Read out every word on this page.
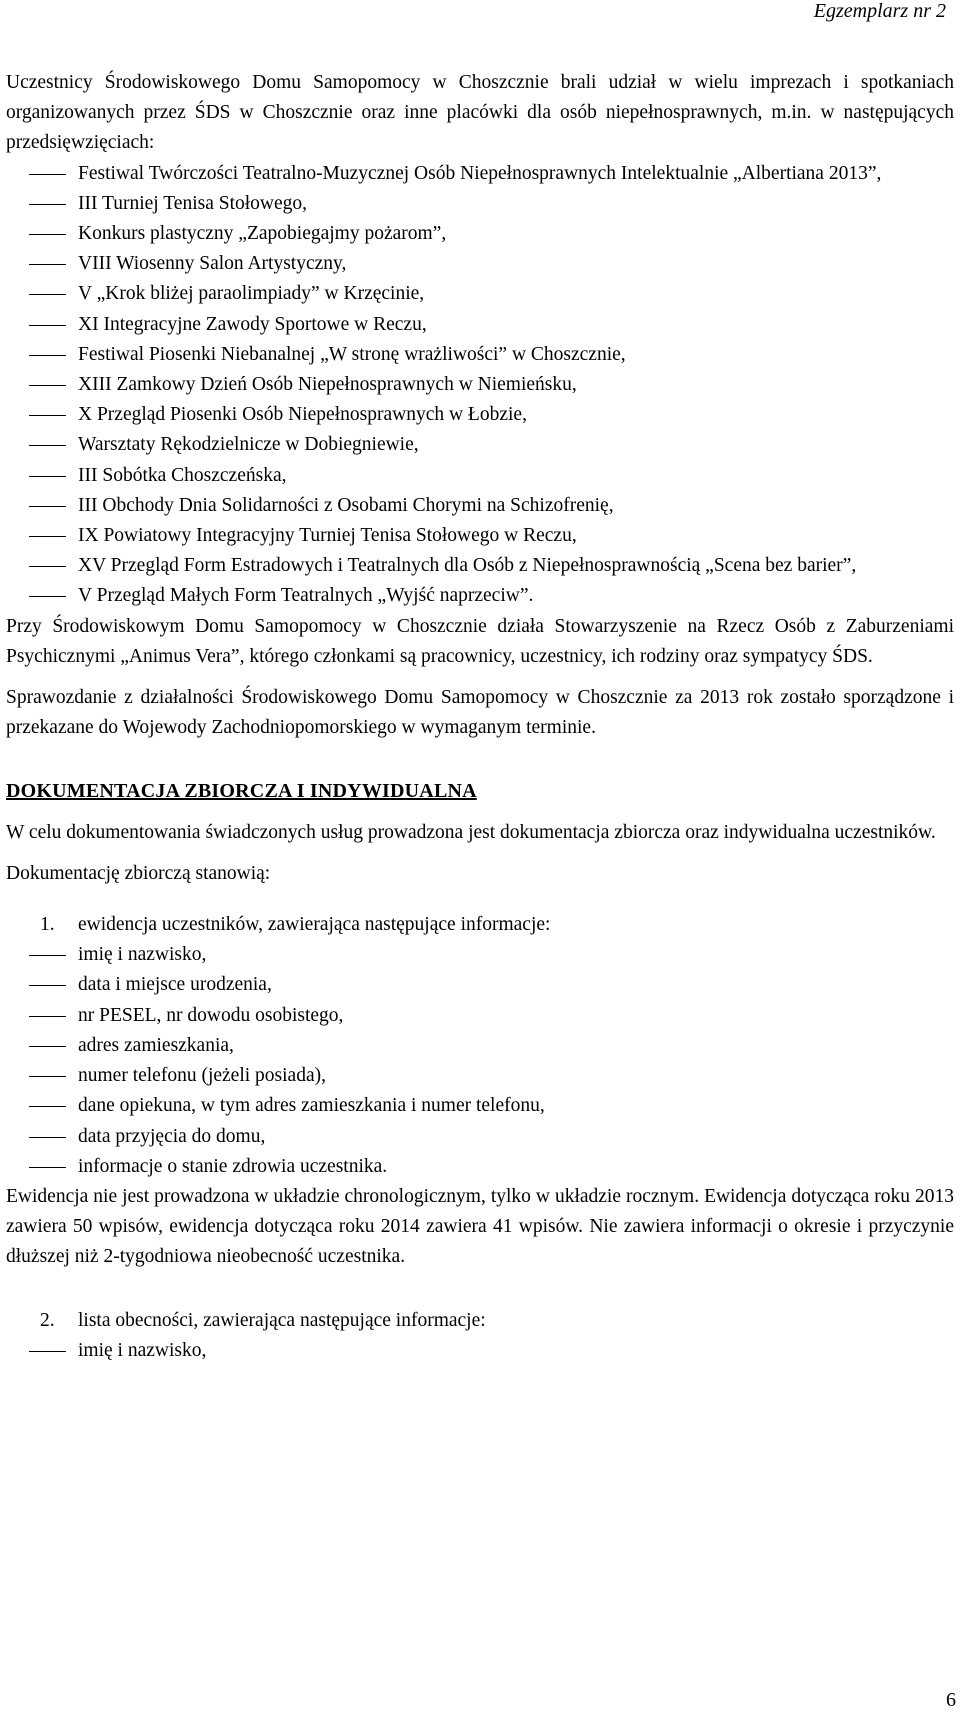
Egzemplarz nr 2

Uczestnicy Środowiskowego Domu Samopomocy w Choszcznie brali udział w wielu imprezach i spotkaniach organizowanych przez ŚDS w Choszcznie oraz inne placówki dla osób niepełnosprawnych, m.in. w następujących przedsięwzięciach:

Festiwal Twórczości Teatralno-Muzycznej Osób Niepełnosprawnych Intelektualnie „Albertiana 2013”,
III Turniej Tenisa Stołowego,
Konkurs plastyczny „Zapobiegajmy pożarom”,
VIII Wiosenny Salon Artystyczny,
V „Krok bliżej paraolimpiady” w Krzęcinie,
XI Integracyjne Zawody Sportowe w Reczu,
Festiwal Piosenki Niebanalnej „W stronę wrażliwości” w Choszcznie,
XIII Zamkowy Dzień Osób Niepełnosprawnych w Niemieńsku,
X Przegląd Piosenki Osób Niepełnosprawnych w Łobzie,
Warsztaty Rękodzielnicze w Dobiegniewie,
III Sobótka Choszczeńska,
III Obchody Dnia Solidarności z Osobami Chorymi na Schizofrenię,
IX Powiatowy Integracyjny Turniej Tenisa Stołowego w Reczu,
XV Przegląd Form Estradowych i Teatralnych dla Osób z Niepełnosprawnością „Scena bez barier”,
V Przegląd Małych Form Teatralnych „Wyjść naprzeciw”.

Przy Środowiskowym Domu Samopomocy w Choszcznie działa Stowarzyszenie na Rzecz Osób z Zaburzeniami Psychicznymi „Animus Vera”, którego członkami są pracownicy, uczestnicy, ich rodziny oraz sympatycy ŚDS.

Sprawozdanie z działalności Środowiskowego Domu Samopomocy w Choszcznie za 2013 rok zostało sporządzone i przekazane do Wojewody Zachodniopomorskiego w wymaganym terminie.

DOKUMENTACJA ZBIORCZA I INDYWIDUALNA

W celu dokumentowania świadczonych usług prowadzona jest dokumentacja zbiorcza oraz indywidualna uczestników.

Dokumentację zbiorczą stanowią:

1. ewidencja uczestników, zawierająca następujące informacje:
imię i nazwisko,
data i miejsce urodzenia,
nr PESEL, nr dowodu osobistego,
adres zamieszkania,
numer telefonu (jeżeli posiada),
dane opiekuna, w tym adres zamieszkania i numer telefonu,
data przyjęcia do domu,
informacje o stanie zdrowia uczestnika.

Ewidencja nie jest prowadzona w układzie chronologicznym, tylko w układzie rocznym. Ewidencja dotycząca roku 2013 zawiera 50 wpisów, ewidencja dotycząca roku 2014 zawiera 41 wpisów. Nie zawiera informacji o okresie i przyczynie dłuższej niż 2-tygodniowa nieobecność uczestnika.

2. lista obecności, zawierająca następujące informacje:
imię i nazwisko,
6
